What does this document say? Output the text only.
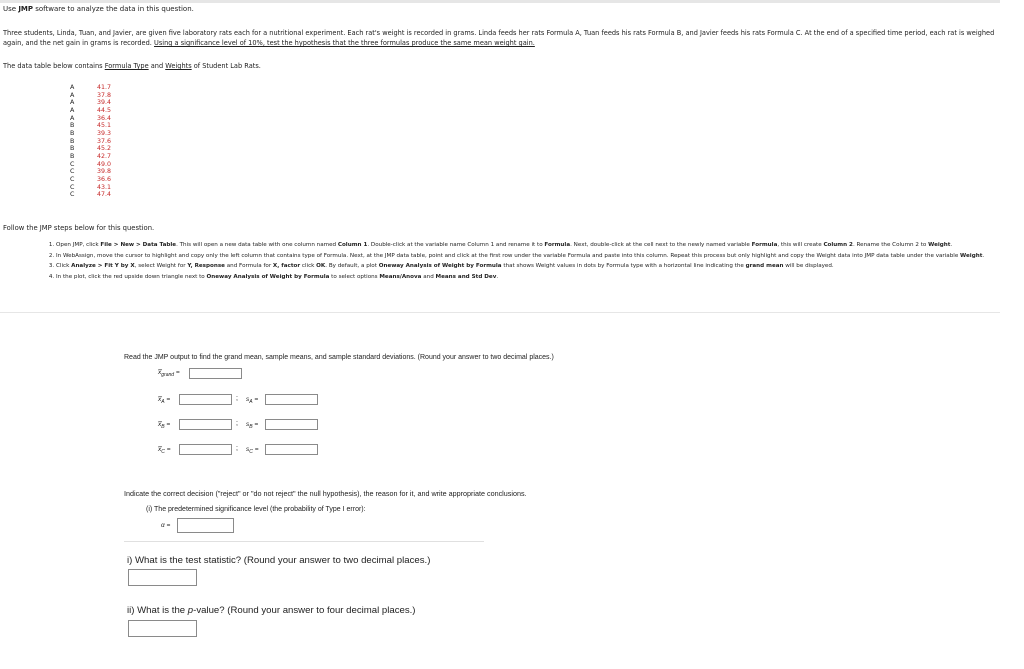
Use JMP software to analyze the data in this question.
Three students, Linda, Tuan, and Javier, are given five laboratory rats each for a nutritional experiment. Each rat's weight is recorded in grams. Linda feeds her rats Formula A, Tuan feeds his rats Formula B, and Javier feeds his rats Formula C. At the end of a specified time period, each rat is weighed again, and the net gain in grams is recorded. Using a significance level of 10%, test the hypothesis that the three formulas produce the same mean weight gain.
The data table below contains Formula Type and Weights of Student Lab Rats.
A	41.7
A	37.8
A	39.4
A	44.5
A	36.4
B	45.1
B	39.3
B	37.6
B	45.2
B	42.7
C	49.0
C	39.8
C	36.6
C	43.1
C	47.4
Follow the JMP steps below for this question.
1. Open JMP, click File > New > Data Table. This will open a new data table with one column named Column 1. Double-click at the variable name Column 1 and rename it to Formula. Next, double-click at the cell next to the newly named variable Formula, this will create Column 2. Rename the Column 2 to Weight.
2. In WebAssign, move the cursor to highlight and copy only the left column that contains type of Formula. Next, at the JMP data table, point and click at the first row under the variable Formula and paste into this column. Repeat this process but only highlight and copy the Weight data into JMP data table under the variable Weight.
3. Click Analyze > Fit Y by X, select Weight for Y, Response and Formula for X, factor click OK. By default, a plot Oneway Analysis of Weight by Formula that shows Weight values in dots by Formula type with a horizontal line indicating the grand mean will be displayed.
4. In the plot, click the red upside down triangle next to Oneway Analysis of Weight by Formula to select options Means/Anova and Means and Std Dev.
Read the JMP output to find the grand mean, sample means, and sample standard deviations. (Round your answer to two decimal places.)
$x̅_{grand}$ =
$x̅_A$ =	; $s_A$ =
$x̅_B$ =	; $s_B$ =
$x̅_C$ =	; $s_C$ =
Indicate the correct decision ("reject" or "do not reject" the null hypothesis), the reason for it, and write appropriate conclusions.
(i) The predetermined significance level (the probability of Type I error):
α =
i) What is the test statistic? (Round your answer to two decimal places.)
ii) What is the p-value? (Round your answer to four decimal places.)
